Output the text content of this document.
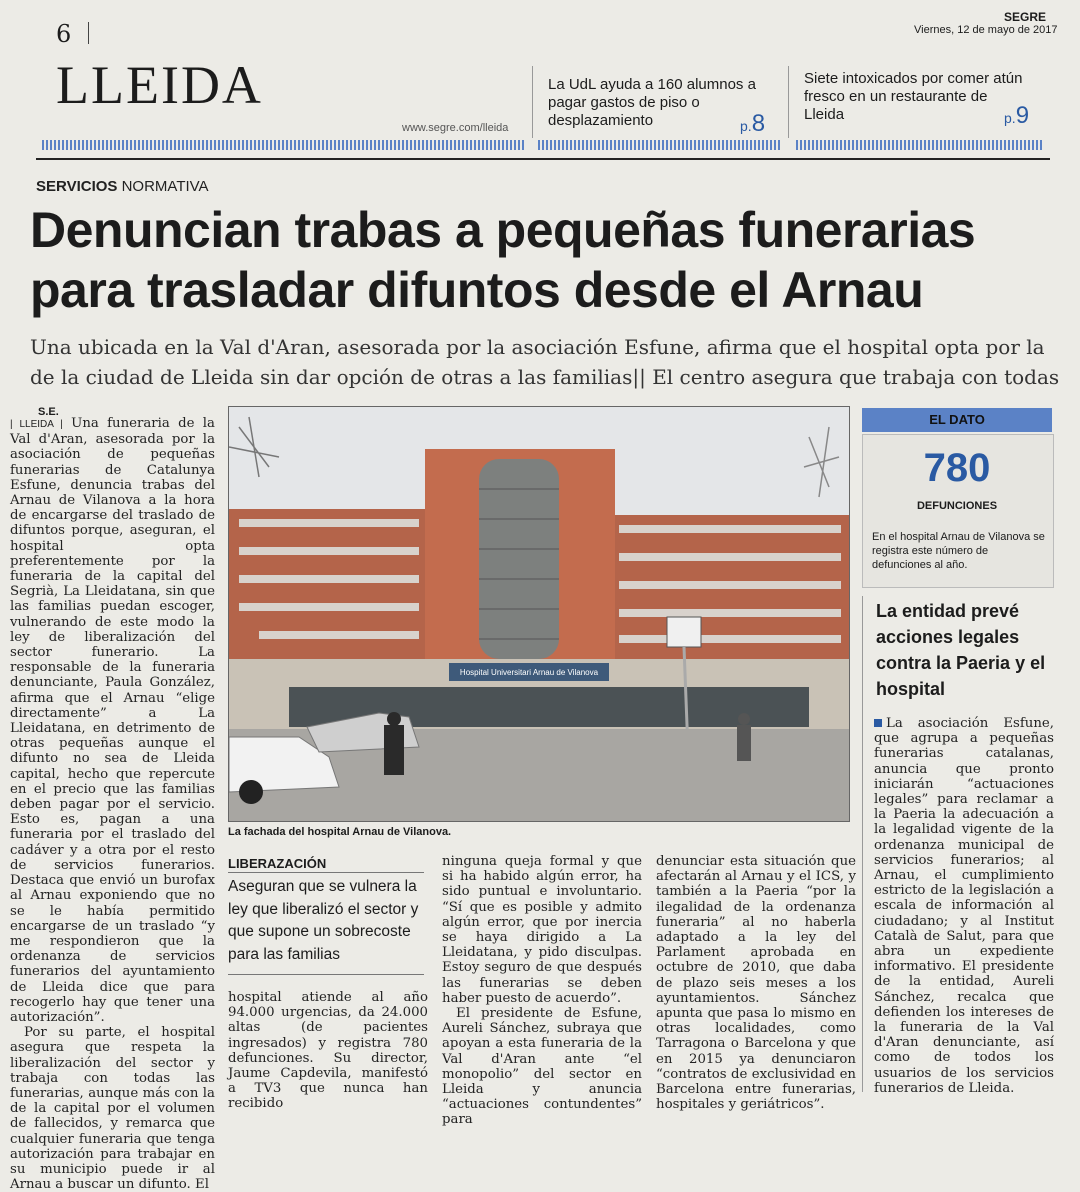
6
SEGRE
Viernes, 12 de mayo de 2017
LLEIDA
www.segre.com/lleida
La UdL ayuda a 160 alumnos a pagar gastos de piso o desplazamiento
Siete intoxicados por comer atún fresco en un restaurante de Lleida
p.8	p.9
SERVICIOS NORMATIVA
Denuncian trabas a pequeñas funerarias para trasladar difuntos desde el Arnau
Una ubicada en la Val d'Aran, asesorada por la asociación Esfune, afirma que el hospital opta por la de la ciudad de Lleida sin dar opción de otras a las familias|| El centro asegura que trabaja con todas
S.E.

| LLEIDA | Una funeraria de la Val d'Aran, asesorada por la asociación de pequeñas funerarias de Catalunya Esfune, denuncia trabas del Arnau de Vilanova a la hora de encargarse del traslado de difuntos porque, aseguran, el hospital opta preferentemente por la funeraria de la capital del Segrià, La Lleidatana, sin que las familias puedan escoger, vulnerando de este modo la ley de liberalización del sector funerario. La responsable de la funeraria denunciante, Paula González, afirma que el Arnau “elige directamente” a La Lleidatana, en detrimento de otras pequeñas aunque el difunto no sea de Lleida capital, hecho que repercute en el precio que las familias deben pagar por el servicio. Esto es, pagan a una funeraria por el traslado del cadáver y a otra por el resto de servicios funerarios. Destaca que envió un burofax al Arnau exponiendo que no se le había permitido encargarse de un traslado “y me respondieron que la ordenanza de servicios funerarios del ayuntamiento de Lleida dice que para recogerlo hay que tener una autorización”.

Por su parte, el hospital asegura que respeta la liberalización del sector y trabaja con todas las funerarias, aunque más con la de la capital por el volumen de fallecidos, y remarca que cualquier funeraria que tenga autorización para trabajar en su municipio puede ir al Arnau a buscar un difunto. El

Hospital Universitari Arnau de Vilanova
La fachada del hospital Arnau de Vilanova.
EL DATO
780
DEFUNCIONES
En el hospital Arnau de Vilanova se registra este número de defunciones al año.
La entidad prevé acciones legales contra la Paeria y el hospital
La asociación Esfune, que agrupa a pequeñas funerarias catalanas, anuncia que pronto iniciarán “actuaciones legales” para reclamar a la Paeria la adecuación a la legalidad vigente de la ordenanza municipal de servicios funerarios; al Arnau, el cumplimiento estricto de la legislación a escala de información al ciudadano; y al Institut Català de Salut, para que abra un expediente informativo. El presidente de la entidad, Aureli Sánchez, recalca que defienden los intereses de la funeraria de la Val d'Aran denunciante, así como de todos los usuarios de los servicios funerarios de Lleida.
LIBERAZACIÓN
Aseguran que se vulnera la ley que liberalizó el sector y que supone un sobrecoste para las familias
hospital atiende al año 94.000 urgencias, da 24.000 altas (de pacientes ingresados) y registra 780 defunciones. Su director, Jaume Capdevila, manifestó a TV3 que nunca han recibido

ninguna queja formal y que si ha habido algún error, ha sido puntual e involuntario. “Sí que es posible y admito algún error, que por inercia se haya dirigido a La Lleidatana, y pido disculpas. Estoy seguro de que después las funerarias se deben haber puesto de acuerdo”.

El presidente de Esfune, Aureli Sánchez, subraya que apoyan a esta funeraria de la Val d'Aran ante “el monopolio” del sector en Lleida y anuncia “actuaciones contundentes” para

denunciar esta situación que afectarán al Arnau y el ICS, y también a la Paeria “por la ilegalidad de la ordenanza funeraria” al no haberla adaptado a la ley del Parlament aprobada en octubre de 2010, que daba de plazo seis meses a los ayuntamientos. Sánchez apunta que pasa lo mismo en otras localidades, como Tarragona o Barcelona y que en 2015 ya denunciaron “contratos de exclusividad en Barcelona entre funerarias, hospitales y geriátricos”.
